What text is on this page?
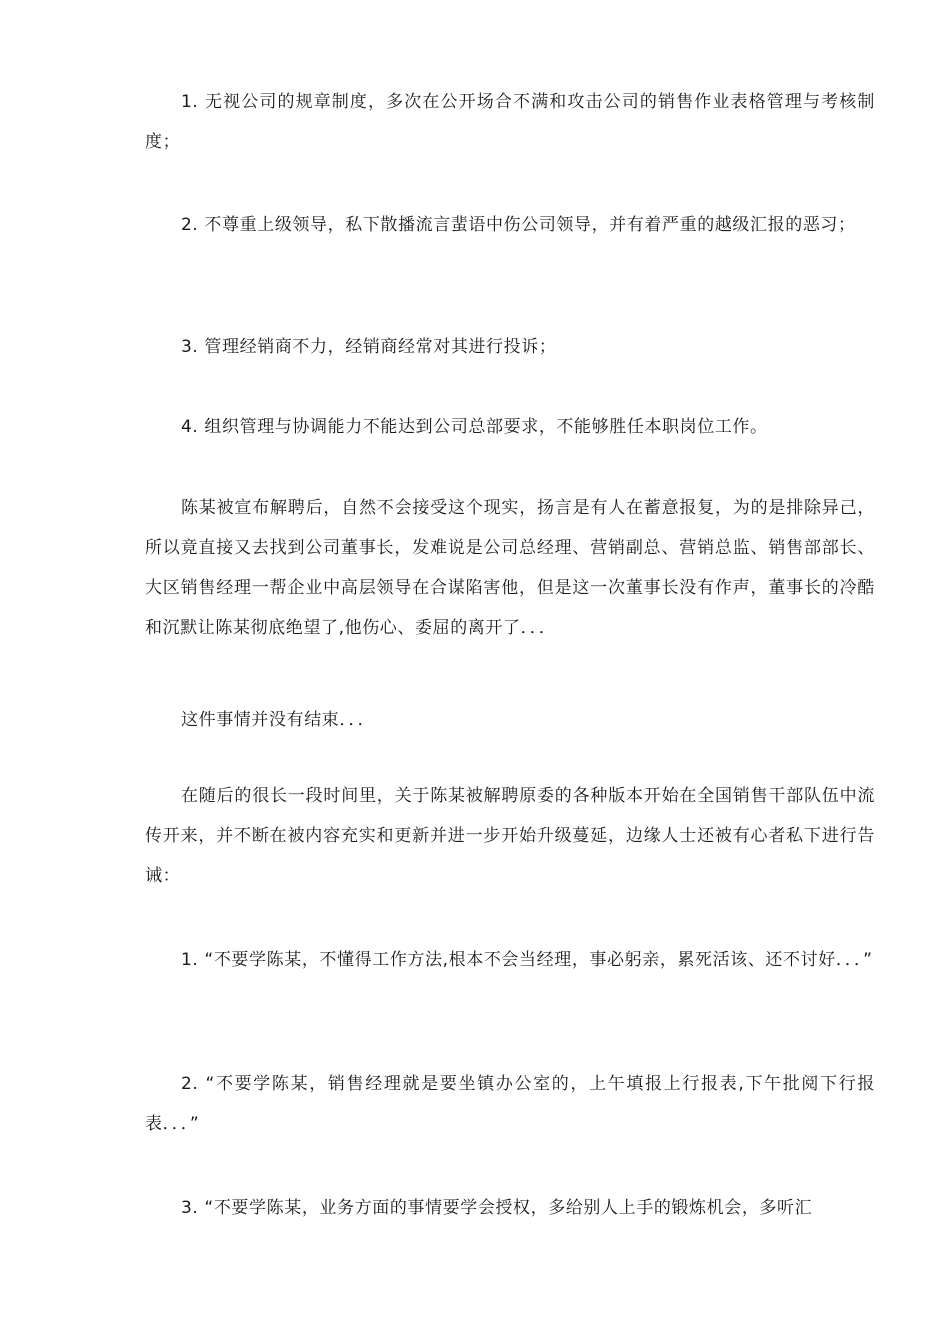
1. 无视公司的规章制度，多次在公开场合不满和攻击公司的销售作业表格管理与考核制度；

2. 不尊重上级领导，私下散播流言蜚语中伤公司领导，并有着严重的越级汇报的恶习；

3. 管理经销商不力，经销商经常对其进行投诉；

4. 组织管理与协调能力不能达到公司总部要求，不能够胜任本职岗位工作。

陈某被宣布解聘后，自然不会接受这个现实，扬言是有人在蓄意报复，为的是排除异己，所以竟直接又去找到公司董事长，发难说是公司总经理、营销副总、营销总监、销售部部长、大区销售经理一帮企业中高层领导在合谋陷害他，但是这一次董事长没有作声，董事长的冷酷和沉默让陈某彻底绝望了,他伤心、委屈的离开了．．．

这件事情并没有结束．．．

在随后的很长一段时间里，关于陈某被解聘原委的各种版本开始在全国销售干部队伍中流传开来，并不断在被内容充实和更新并进一步开始升级蔓延，边缘人士还被有心者私下进行告诫：

1. “不要学陈某，不懂得工作方法,根本不会当经理，事必躬亲，累死活该、还不讨好．．．”

2. “不要学陈某，销售经理就是要坐镇办公室的，上午填报上行报表,下午批阅下行报表．．．”

3. “不要学陈某，业务方面的事情要学会授权，多给别人上手的锻炼机会，多听汇
